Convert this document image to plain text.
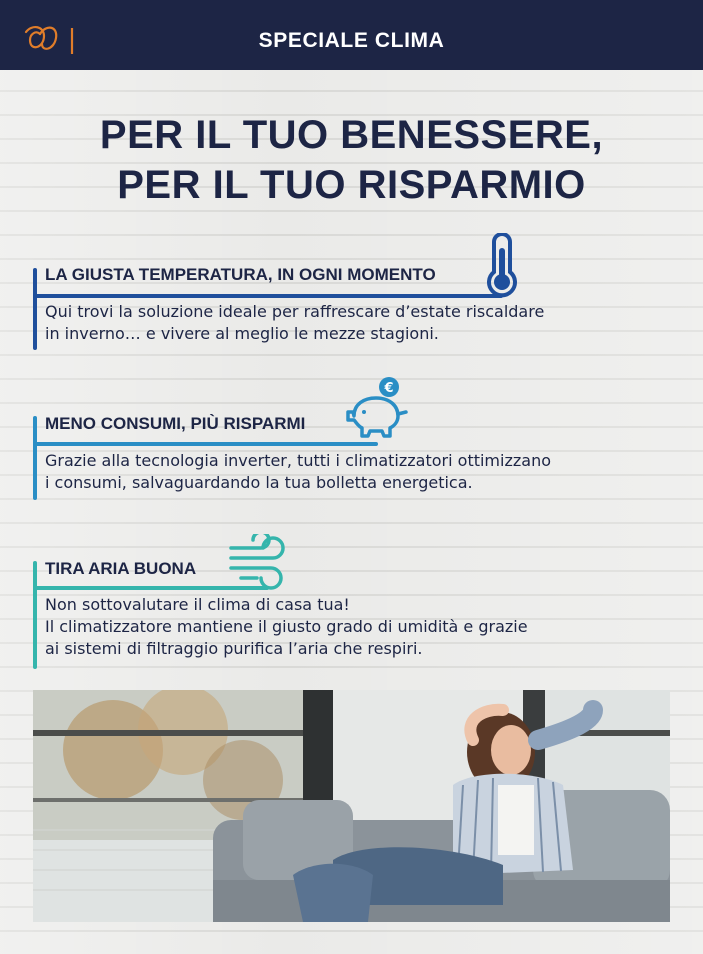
SPECIALE CLIMA
PER IL TUO BENESSERE,
PER IL TUO RISPARMIO
LA GIUSTA TEMPERATURA, IN OGNI MOMENTO
Qui trovi la soluzione ideale per raffrescare d’estate riscaldare
in inverno… e vivere al meglio le mezze stagioni.
MENO CONSUMI, PIÙ RISPARMI
Grazie alla tecnologia inverter, tutti i climatizzatori ottimizzano
i consumi, salvaguardando la tua bolletta energetica.
€
TIRA ARIA BUONA
Non sottovalutare il clima di casa tua!
Il climatizzatore mantiene il giusto grado di umidità e grazie
ai sistemi di filtraggio purifica l’aria che respiri.
